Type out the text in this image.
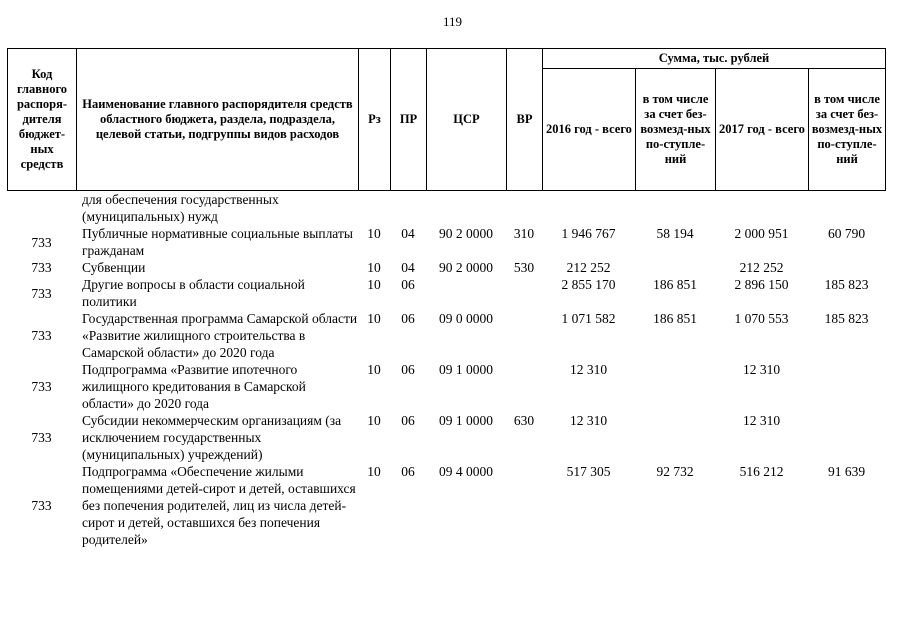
119
Код главного распоря-дителя бюджет-ных средств	Наименование главного распорядителя средств областного бюджета, раздела, подраздела, целевой статьи, подгруппы видов расходов	Рз	ПР	ЦСР	ВР	Сумма, тыс. рублей			
						2016 год - всего	в том числе за счет без-возмезд-ных по-ступле-ний	2017 год - всего	в том числе за счет без-возмезд-ных по-ступле-ний
	для обеспечения государственных (муниципальных) нужд								
733	Публичные нормативные социальные выплаты гражданам	10	04	90 2 0000	310	1 946 767	58 194	2 000 951	60 790
733	Субвенции	10	04	90 2 0000	530	212 252		212 252	
733	Другие вопросы в области социальной политики	10	06			2 855 170	186 851	2 896 150	185 823
733	Государственная программа Самарской области «Развитие жилищного строительства в Самарской области» до 2020 года	10	06	09 0 0000		1 071 582	186 851	1 070 553	185 823
733	Подпрограмма «Развитие ипотечного жилищного кредитования в Самарской области» до 2020 года	10	06	09 1 0000		12 310		12 310	
733	Субсидии некоммерческим организациям (за исключением государственных (муниципальных) учреждений)	10	06	09 1 0000	630	12 310		12 310	
733	Подпрограмма «Обеспечение жилыми помещениями детей-сирот и детей, оставшихся без попечения родителей, лиц из числа детей-сирот и детей, оставшихся без попечения родителей»	10	06	09 4 0000		517 305	92 732	516 212	91 639
